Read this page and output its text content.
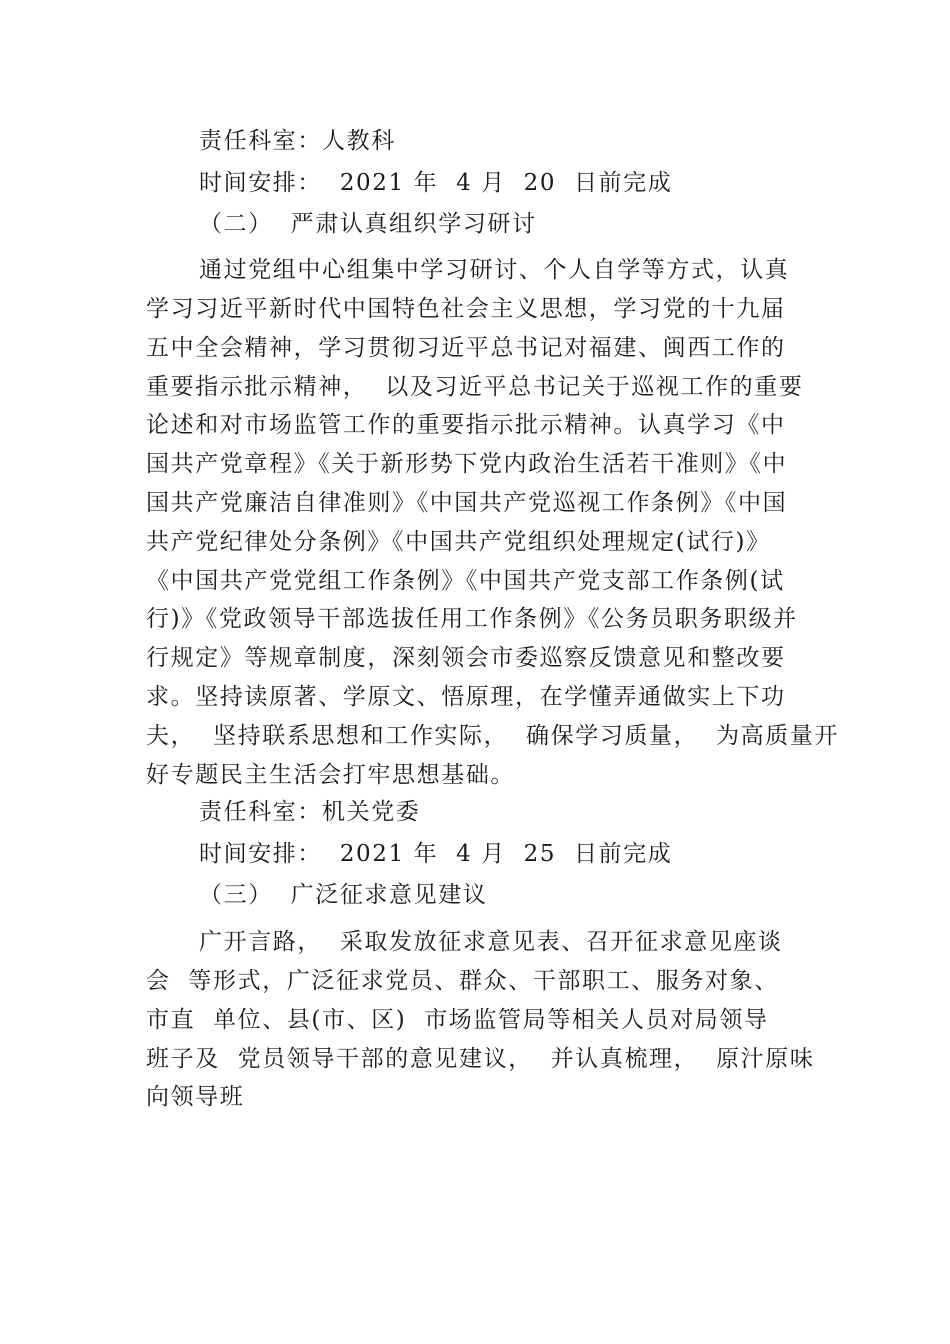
责任科室：人教科
时间安排：  2021 年  4 月  20  日前完成
（二）  严肃认真组织学习研讨
通过党组中心组集中学习研讨、个人自学等方式，认真
学习习近平新时代中国特色社会主义思想，学习党的十九届
五中全会精神，学习贯彻习近平总书记对福建、闽西工作的
重要指示批示精神，  以及习近平总书记关于巡视工作的重要
论述和对市场监管工作的重要指示批示精神。认真学习《中
国共产党章程》《关于新形势下党内政治生活若干准则》《中
国共产党廉洁自律准则》《中国共产党巡视工作条例》《中国
共产党纪律处分条例》《中国共产党组织处理规定(试行)》
《中国共产党党组工作条例》《中国共产党支部工作条例(试
行)》《党政领导干部选拔任用工作条例》《公务员职务职级并
行规定》等规章制度，深刻领会市委巡察反馈意见和整改要
求。坚持读原著、学原文、悟原理，在学懂弄通做实上下功
夫，  坚持联系思想和工作实际，  确保学习质量，  为高质量开
好专题民主生活会打牢思想基础。
责任科室：机关党委
时间安排：  2021 年  4 月  25  日前完成
（三）  广泛征求意见建议
广开言路，  采取发放征求意见表、召开征求意见座谈
会  等形式，广泛征求党员、群众、干部职工、服务对象、
市直  单位、县(市、区)  市场监管局等相关人员对局领导
班子及  党员领导干部的意见建议，  并认真梳理，  原汁原味
向领导班
